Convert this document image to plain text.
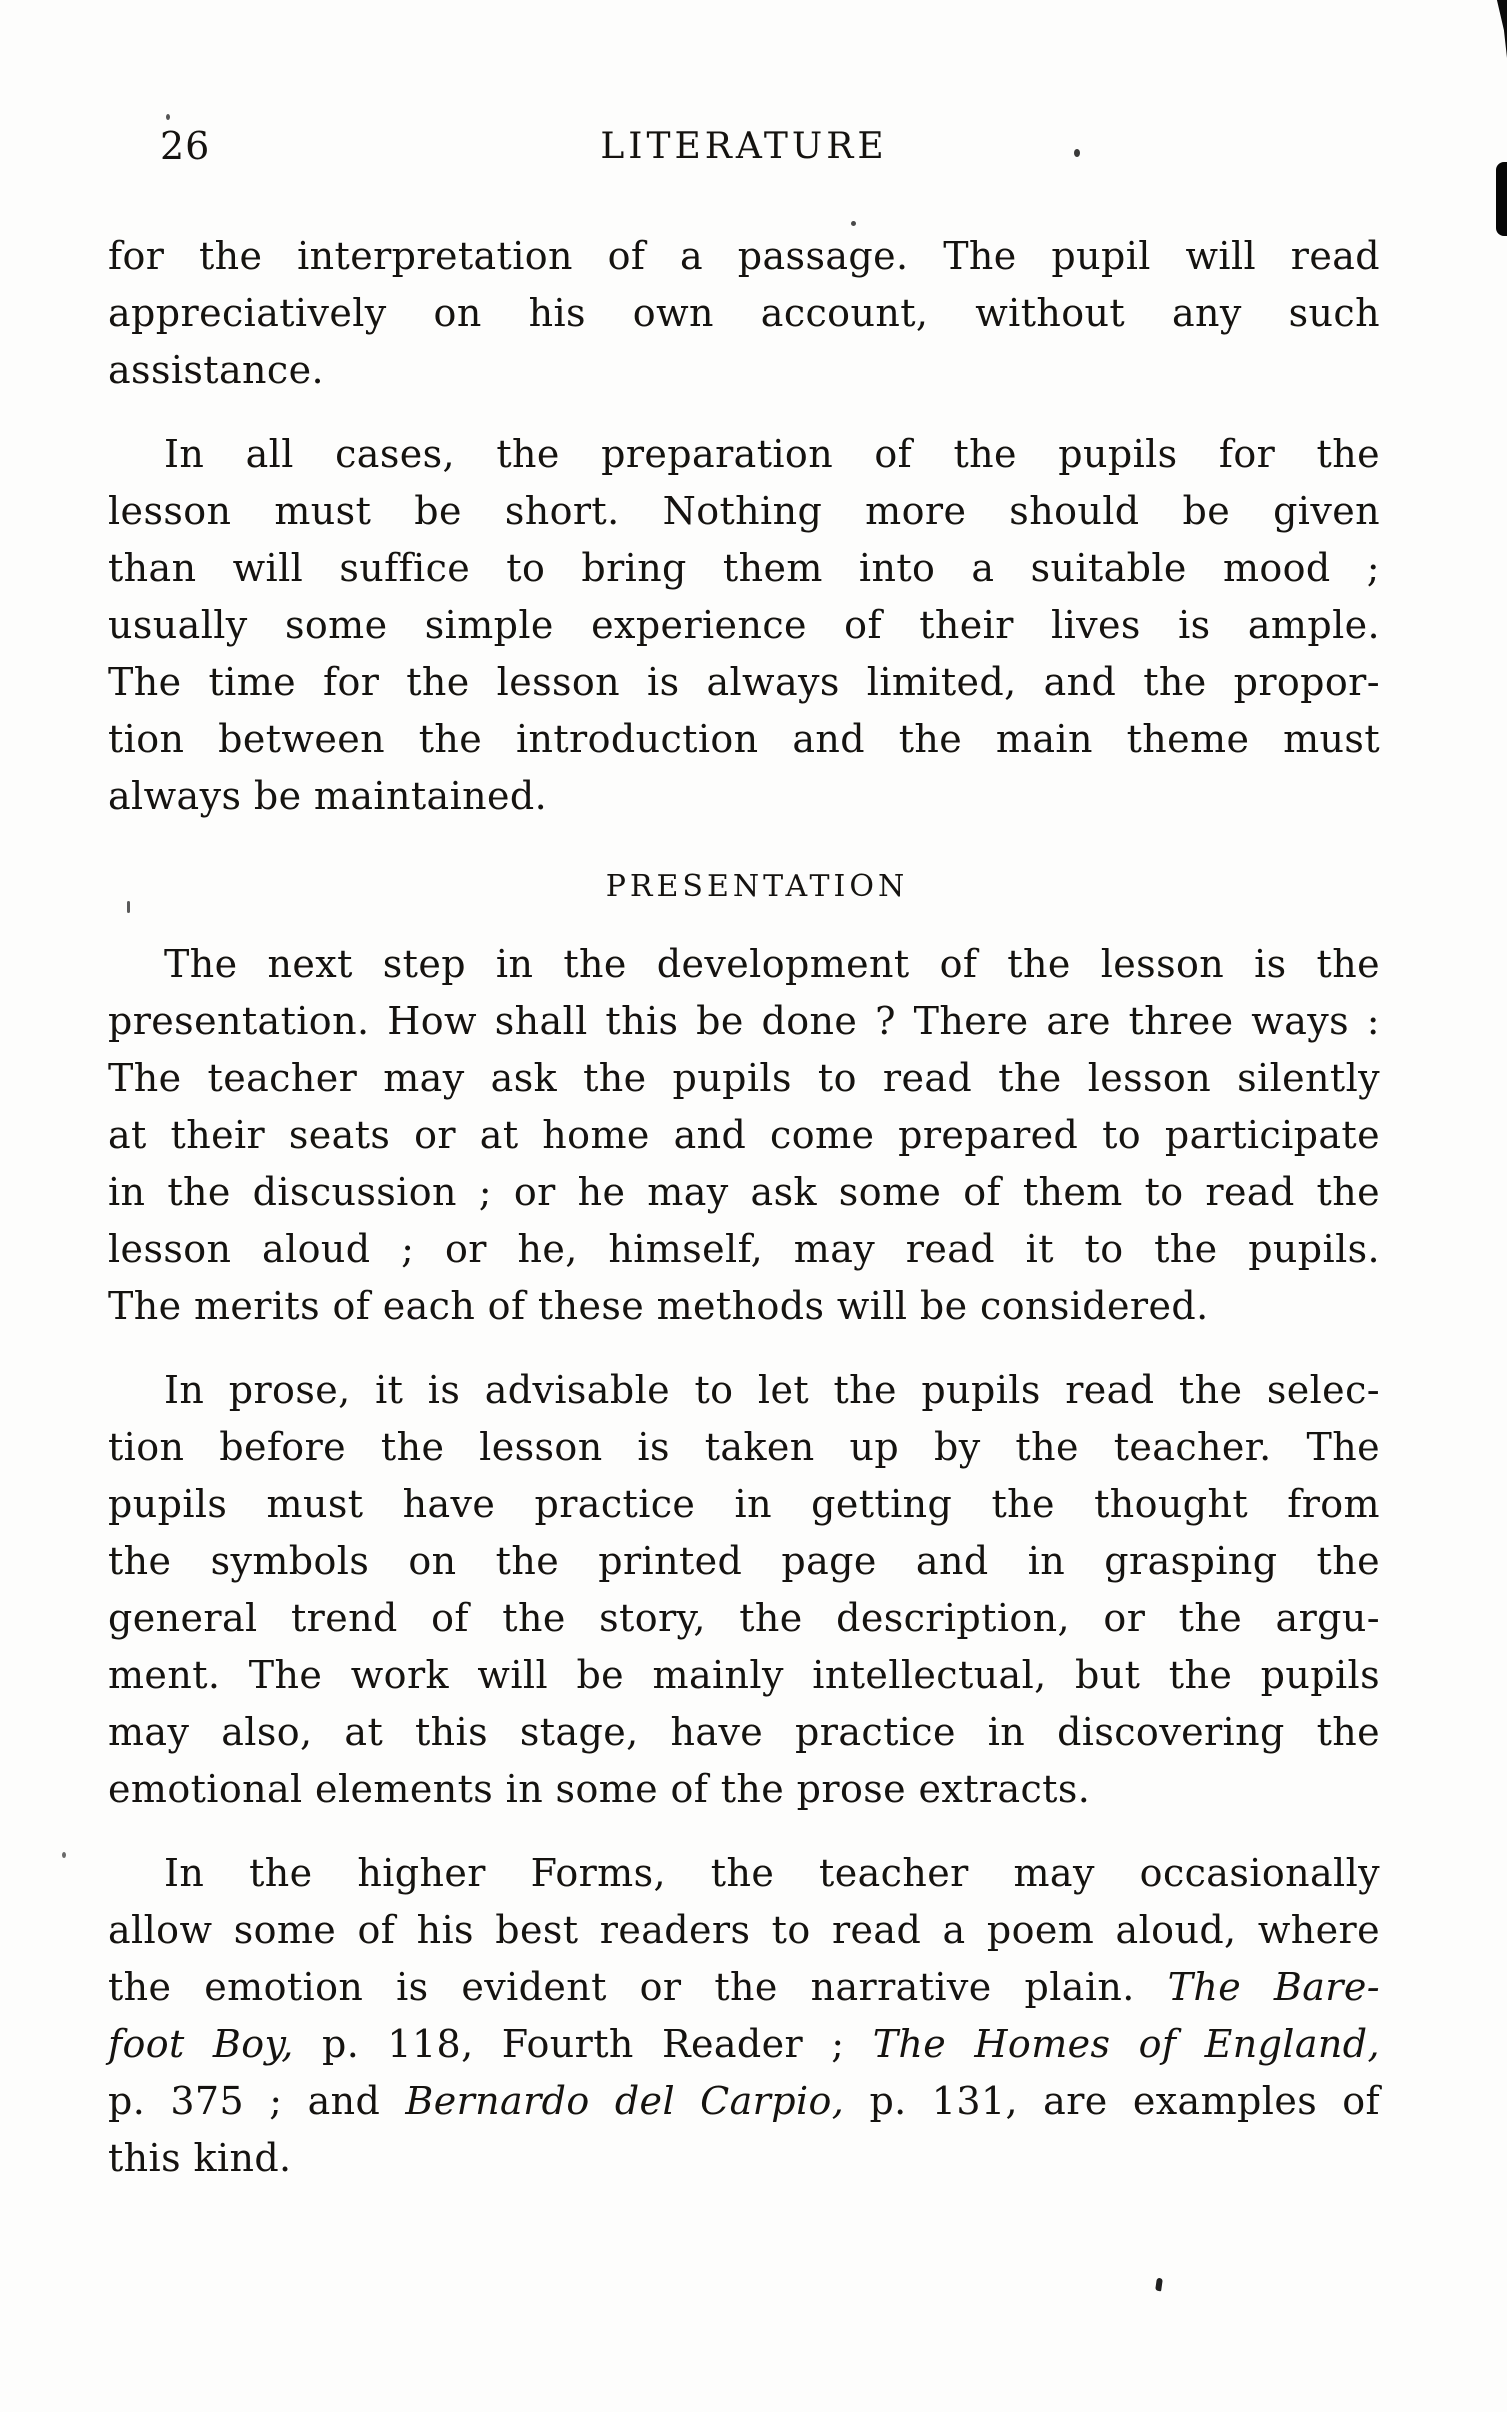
26	LITERATURE
for the interpretation of a passage. The pupil will read
appreciatively on his own account, without any such
assistance.
In all cases, the preparation of the pupils for the
lesson must be short. Nothing more should be given
than will suffice to bring them into a suitable mood ;
usually some simple experience of their lives is ample.
The time for the lesson is always limited, and the propor-
tion between the introduction and the main theme must
always be maintained.
PRESENTATION
The next step in the development of the lesson is the
presentation. How shall this be done ? There are three ways :
The teacher may ask the pupils to read the lesson silently
at their seats or at home and come prepared to participate
in the discussion ; or he may ask some of them to read the
lesson aloud ; or he, himself, may read it to the pupils.
The merits of each of these methods will be considered.
In prose, it is advisable to let the pupils read the selec-
tion before the lesson is taken up by the teacher. The
pupils must have practice in getting the thought from
the symbols on the printed page and in grasping the
general trend of the story, the description, or the argu-
ment. The work will be mainly intellectual, but the pupils
may also, at this stage, have practice in discovering the
emotional elements in some of the prose extracts.
In the higher Forms, the teacher may occasionally
allow some of his best readers to read a poem aloud, where
the emotion is evident or the narrative plain. The Bare-
foot Boy, p. 118, Fourth Reader ; The Homes of England,
p. 375 ; and Bernardo del Carpio, p. 131, are examples of
this kind.
